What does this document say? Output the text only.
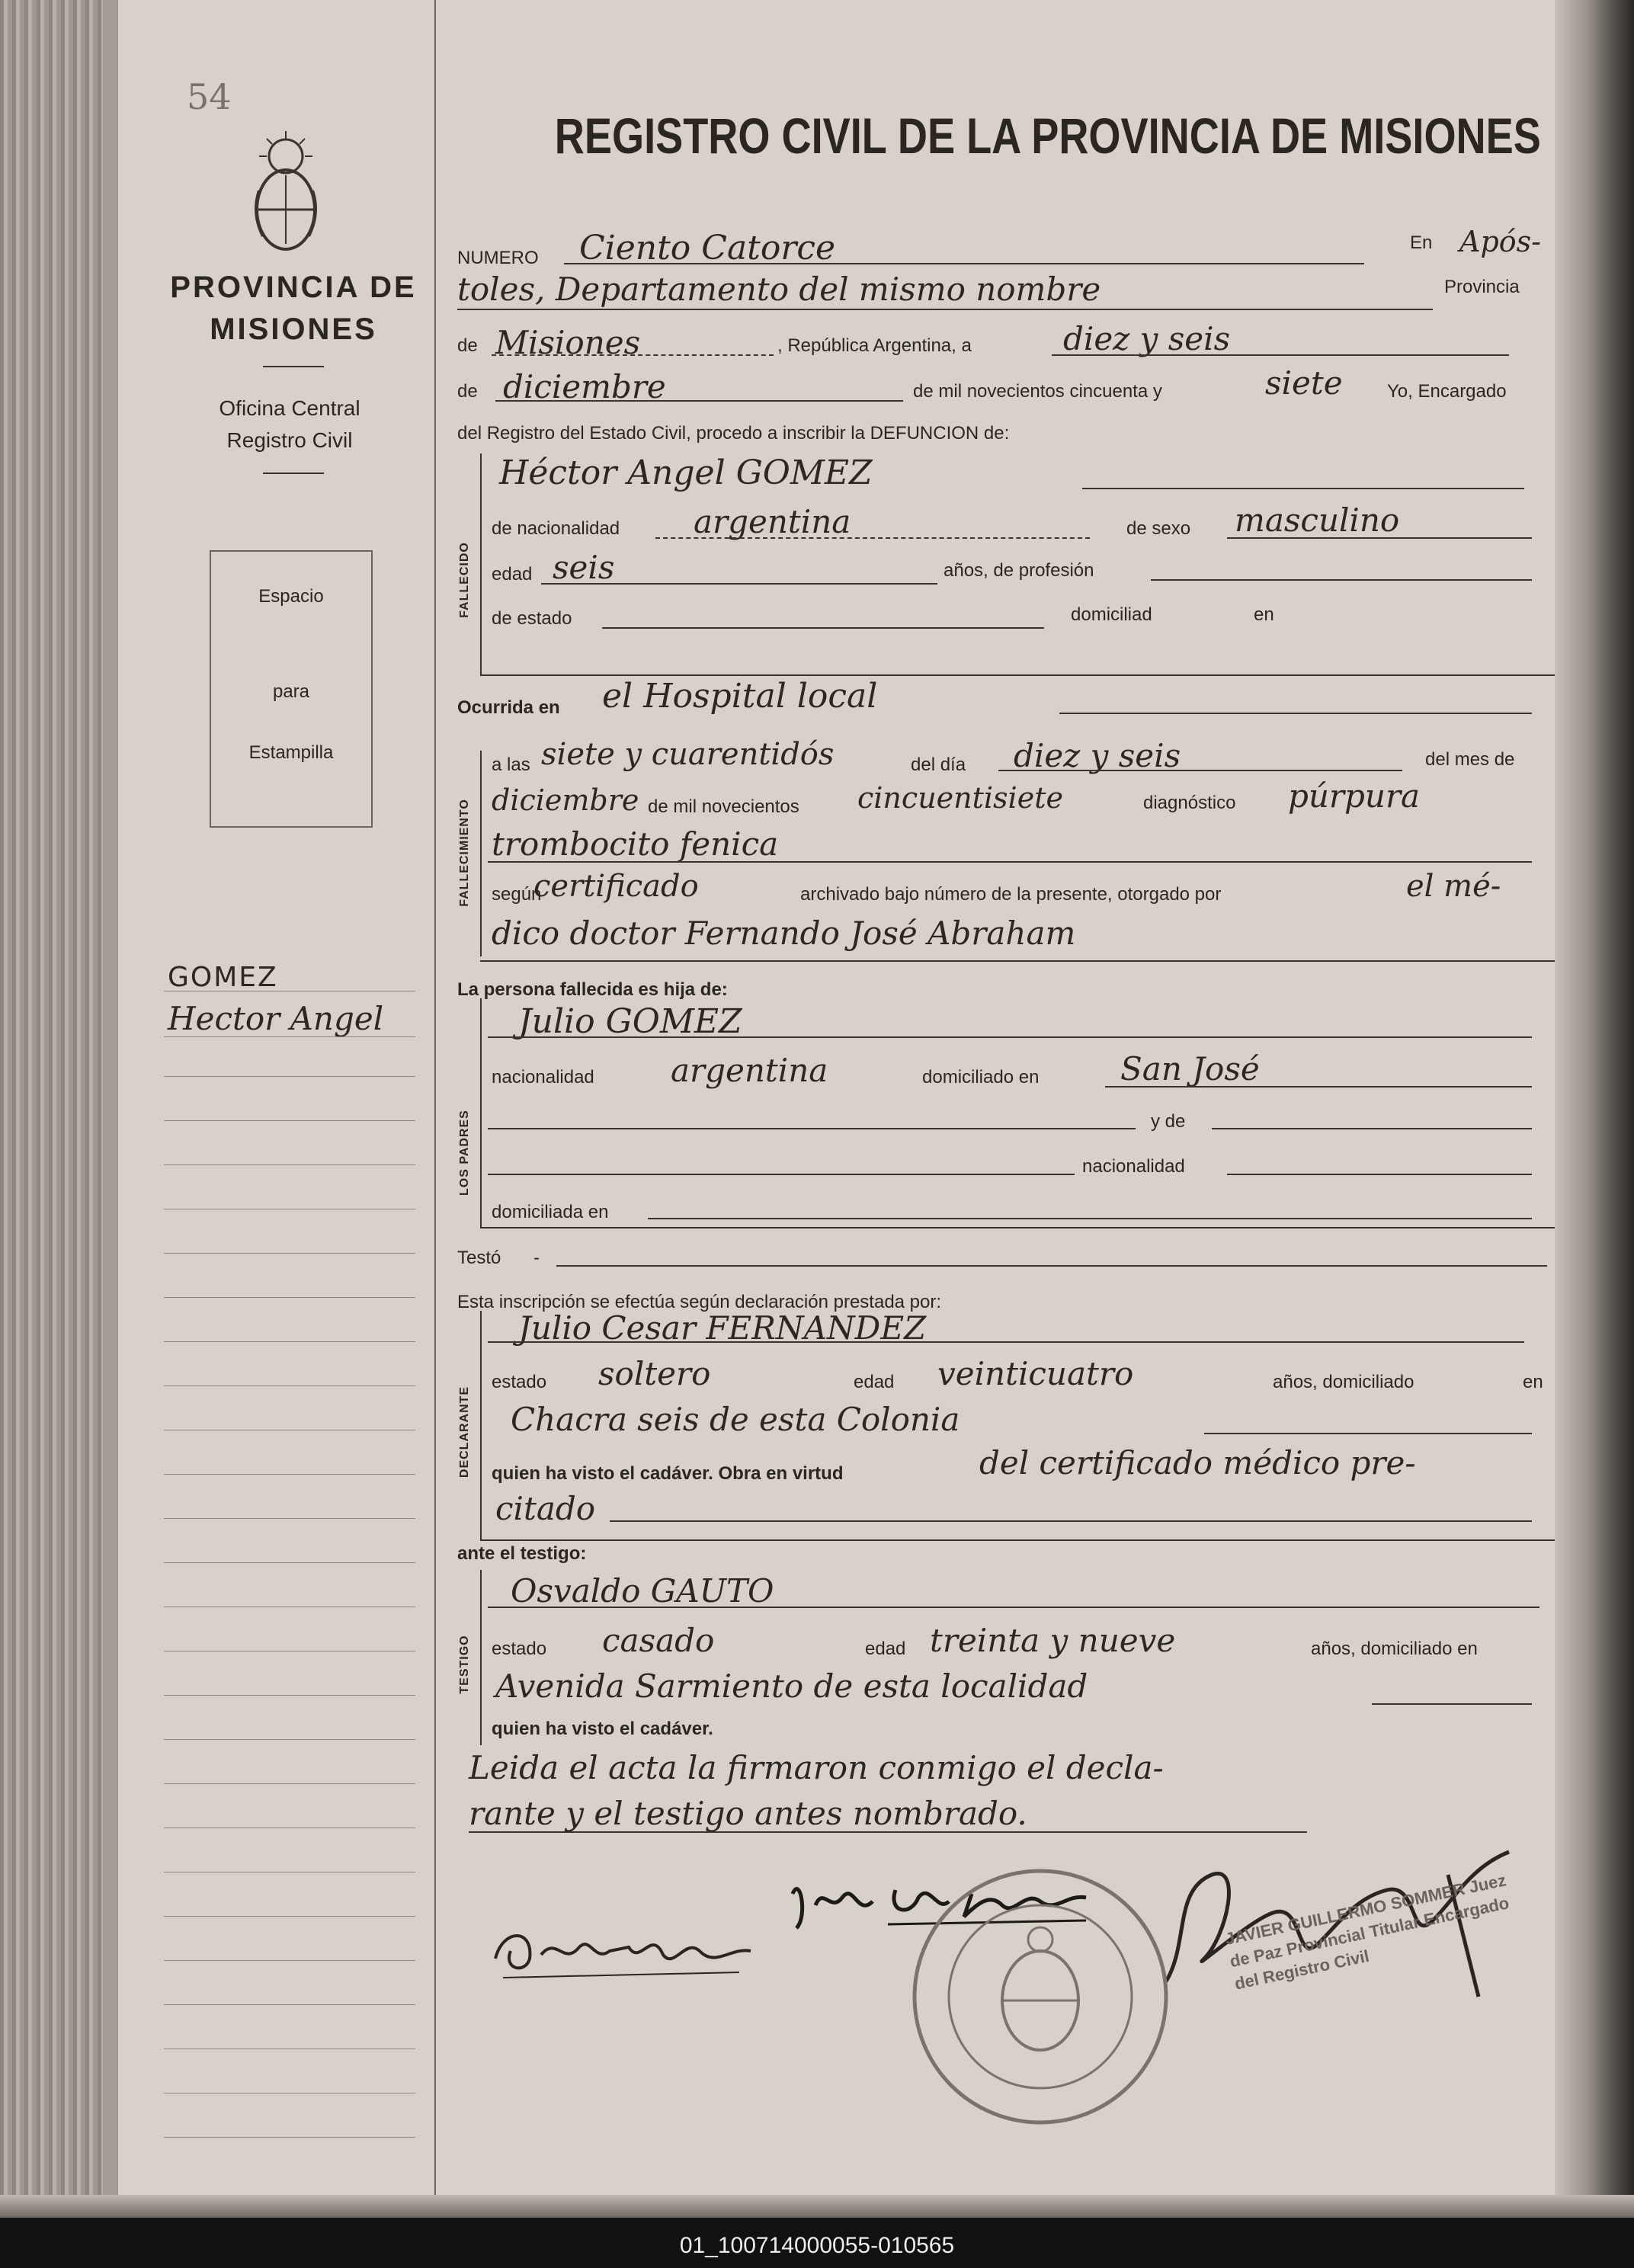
54
PROVINCIA DE MISIONES
Oficina Central Registro Civil
Espacio
para
Estampilla
GOMEZ
Hector Angel
REGISTRO CIVIL DE LA PROVINCIA DE MISIONES
NUMERO Ciento Catorce	En Após-
toles, Departamento del mismo nombre	Provincia
de Misiones	, República Argentina, a	diez y seis
de diciembre	de mil novecientos cincuenta y	siete Yo, Encargado
del Registro del Estado Civil, procedo a inscribir la DEFUNCION de:
FALLECIDO
Héctor Angel GOMEZ
de nacionalidad argentina	de sexo masculino
edad seis	años, de profesión
de estado	domiciliad	en
Ocurrida en el Hospital local
FALLECIMIENTO
a las siete y cuarentidós	del día diez y seis	del mes de
diciembre de mil novecientos cincuentisiete	diagnóstico púrpura
trombocito fenica
según
certificado	archivado bajo número de la presente, otorgado por	el mé-
dico doctor Fernando José Abraham
La persona fallecida es hija de:
LOS PADRES
Julio GOMEZ
nacionalidad argentina	domiciliado en	San José
y de
nacionalidad
domiciliada en
Testó -
Esta inscripción se efectúa según declaración prestada por:
DECLARANTE
Julio Cesar FERNANDEZ
estado soltero	edad veinticuatro	años, domiciliado	en
Chacra seis de esta Colonia
quien ha visto el cadáver. Obra en virtud	del certificado médico pre-
citado
ante el testigo:
TESTIGO
Osvaldo GAUTO
estado casado	edad treinta y nueve	años, domiciliado en
Avenida Sarmiento de esta localidad
quien ha visto el cadáver.
Leida el acta la firmaron conmigo el decla-
rante y el testigo antes nombrado.
JAVIER GUILLERMO SOMMER Juez de Paz Provincial Titular Encargado del Registro Civil
01_100714000055-010565
